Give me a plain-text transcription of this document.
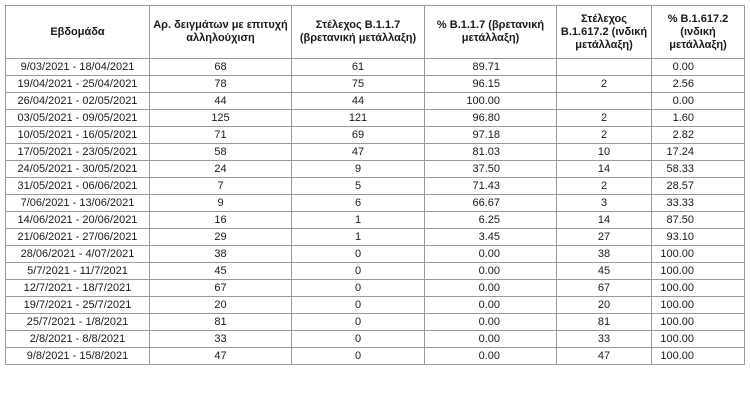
Εβδομάδα	Αρ. δειγμάτων με επιτυχή αλληλούχιση	Στέλεχος Β.1.1.7 (βρετανική μετάλλαξη)	% Β.1.1.7 (βρετανική μετάλλαξη)	Στέλεχος Β.1.617.2 (ινδική μετάλλαξη)	% Β.1.617.2 (ινδική μετάλλαξη)
9/03/2021 - 18/04/2021	68	61	89.71		0.00
19/04/2021 - 25/04/2021	78	75	96.15	2	2.56
26/04/2021 - 02/05/2021	44	44	100.00		0.00
03/05/2021 - 09/05/2021	125	121	96.80	2	1.60
10/05/2021 - 16/05/2021	71	69	97.18	2	2.82
17/05/2021 - 23/05/2021	58	47	81.03	10	17.24
24/05/2021 - 30/05/2021	24	9	37.50	14	58.33
31/05/2021 - 06/06/2021	7	5	71.43	2	28.57
7/06/2021 - 13/06/2021	9	6	66.67	3	33.33
14/06/2021 - 20/06/2021	16	1	6.25	14	87.50
21/06/2021 - 27/06/2021	29	1	3.45	27	93.10
28/06/2021 - 4/07/2021	38	0	0.00	38	100.00
5/7/2021 - 11/7/2021	45	0	0.00	45	100.00
12/7/2021 - 18/7/2021	67	0	0.00	67	100.00
19/7/2021 - 25/7/2021	20	0	0.00	20	100.00
25/7/2021 - 1/8/2021	81	0	0.00	81	100.00
2/8/2021 - 8/8/2021	33	0	0.00	33	100.00
9/8/2021 - 15/8/2021	47	0	0.00	47	100.00
